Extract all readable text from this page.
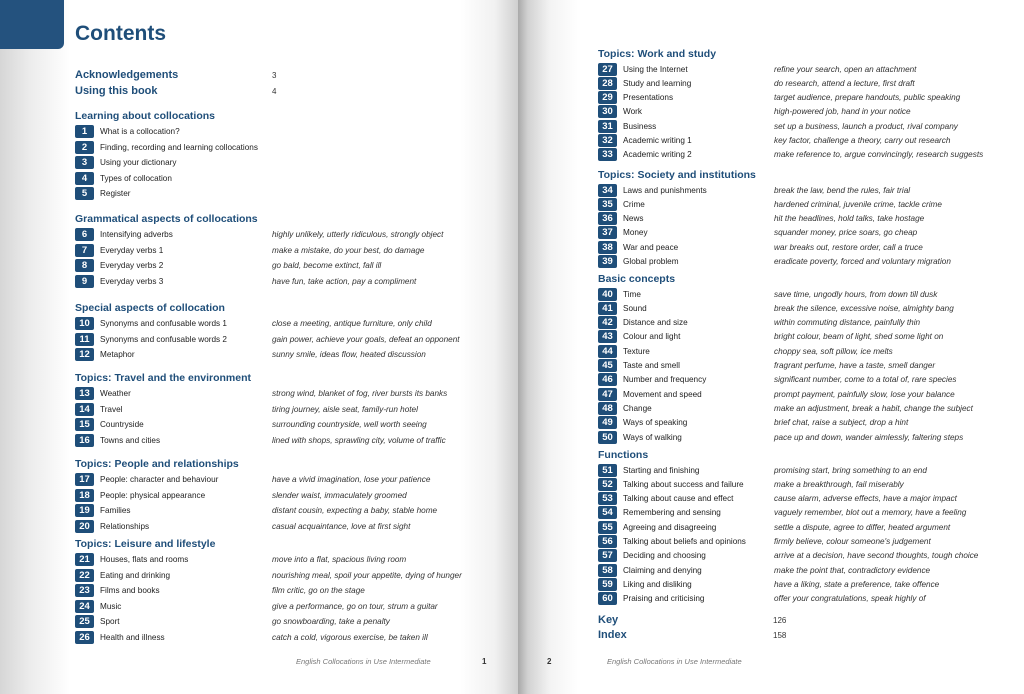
Contents
Acknowledgements	3
Using this book	4
Learning about collocations
1	What is a collocation?
2	Finding, recording and learning collocations
3	Using your dictionary
4	Types of collocation
5	Register
Grammatical aspects of collocations
6	Intensifying adverbs	highly unlikely, utterly ridiculous, strongly object
7	Everyday verbs 1	make a mistake, do your best, do damage
8	Everyday verbs 2	go bald, become extinct, fall ill
9	Everyday verbs 3	have fun, take action, pay a compliment
Special aspects of collocation
10	Synonyms and confusable words 1	close a meeting, antique furniture, only child
11	Synonyms and confusable words 2	gain power, achieve your goals, defeat an opponent
12	Metaphor	sunny smile, ideas flow, heated discussion
Topics: Travel and the environment
13	Weather	strong wind, blanket of fog, river bursts its banks
14	Travel	tiring journey, aisle seat, family-run hotel
15	Countryside	surrounding countryside, well worth seeing
16	Towns and cities	lined with shops, sprawling city, volume of traffic
Topics: People and relationships
17	People: character and behaviour	have a vivid imagination, lose your patience
18	People: physical appearance	slender waist, immaculately groomed
19	Families	distant cousin, expecting a baby, stable home
20	Relationships	casual acquaintance, love at first sight
Topics: Leisure and lifestyle
21	Houses, flats and rooms	move into a flat, spacious living room
22	Eating and drinking	nourishing meal, spoil your appetite, dying of hunger
23	Films and books	film critic, go on the stage
24	Music	give a performance, go on tour, strum a guitar
25	Sport	go snowboarding, take a penalty
26	Health and illness	catch a cold, vigorous exercise, be taken ill
English Collocations in Use Intermediate	1
Topics: Work and study
27	Using the Internet	refine your search, open an attachment
28	Study and learning	do research, attend a lecture, first draft
29	Presentations	target audience, prepare handouts, public speaking
30	Work	high-powered job, hand in your notice
31	Business	set up a business, launch a product, rival company
32	Academic writing 1	key factor, challenge a theory, carry out research
33	Academic writing 2	make reference to, argue convincingly, research suggests
Topics: Society and institutions
34	Laws and punishments	break the law, bend the rules, fair trial
35	Crime	hardened criminal, juvenile crime, tackle crime
36	News	hit the headlines, hold talks, take hostage
37	Money	squander money, price soars, go cheap
38	War and peace	war breaks out, restore order, call a truce
39	Global problem	eradicate poverty, forced and voluntary migration
Basic concepts
40	Time	save time, ungodly hours, from down till dusk
41	Sound	break the silence, excessive noise, almighty bang
42	Distance and size	within commuting distance, painfully thin
43	Colour and light	bright colour, beam of light, shed some light on
44	Texture	choppy sea, soft pillow, ice melts
45	Taste and smell	fragrant perfume, have a taste, smell danger
46	Number and frequency	significant number, come to a total of, rare species
47	Movement and speed	prompt payment, painfully slow, lose your balance
48	Change	make an adjustment, break a habit, change the subject
49	Ways of speaking	brief chat, raise a subject, drop a hint
50	Ways of walking	pace up and down, wander aimlessly, faltering steps
Functions
51	Starting and finishing	promising start, bring something to an end
52	Talking about success and failure	make a breakthrough, fail miserably
53	Talking about cause and effect	cause alarm, adverse effects, have a major impact
54	Remembering and sensing	vaguely remember, blot out a memory, have a feeling
55	Agreeing and disagreeing	settle a dispute, agree to differ, heated argument
56	Talking about beliefs and opinions	firmly believe, colour someone's judgement
57	Deciding and choosing	arrive at a decision, have second thoughts, tough choice
58	Claiming and denying	make the point that, contradictory evidence
59	Liking and disliking	have a liking, state a preference, take offence
60	Praising and criticising	offer your congratulations, speak highly of
Key	126
Index	158
2	English Collocations in Use Intermediate
